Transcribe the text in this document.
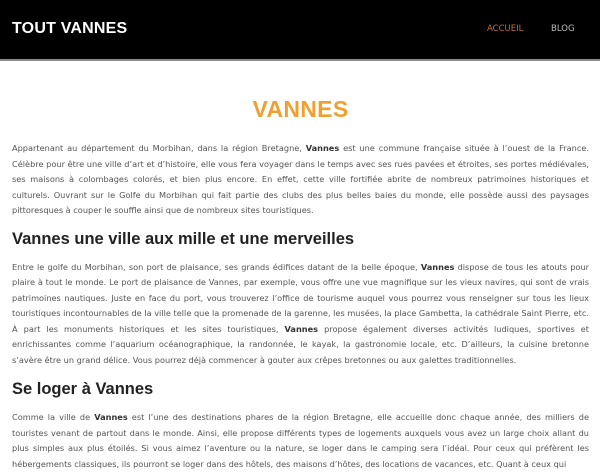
TOUT VANNES	ACCUEIL	BLOG
VANNES

Appartenant au département du Morbihan, dans la région Bretagne, Vannes est une commune française située à l’ouest de la France. Célèbre pour être une ville d’art et d’histoire, elle vous fera voyager dans le temps avec ses rues pavées et étroites, ses portes médiévales, ses maisons à colombages colorés, et bien plus encore. En effet, cette ville fortifiée abrite de nombreux patrimoines historiques et culturels. Ouvrant sur le Golfe du Morbihan qui fait partie des clubs des plus belles baies du monde, elle possède aussi des paysages pittoresques à couper le souffle ainsi que de nombreux sites touristiques.

Vannes une ville aux mille et une merveilles

Entre le golfe du Morbihan, son port de plaisance, ses grands édifices datant de la belle époque, Vannes dispose de tous les atouts pour plaire à tout le monde. Le port de plaisance de Vannes, par exemple, vous offre une vue magnifique sur les vieux navires, qui sont de vrais patrimoines nautiques. Juste en face du port, vous trouverez l’office de tourisme auquel vous pourrez vous renseigner sur tous les lieux touristiques incontournables de la ville telle que la promenade de la garenne, les musées, la place Gambetta, la cathédrale Saint Pierre, etc. À part les monuments historiques et les sites touristiques, Vannes propose également diverses activités ludiques, sportives et enrichissantes comme l’aquarium océanographique, la randonnée, le kayak, la gastronomie locale, etc. D’ailleurs, la cuisine bretonne s’avère être un grand délice. Vous pourrez déjà commencer à gouter aux crêpes bretonnes ou aux galettes traditionnelles.

Se loger à Vannes

Comme la ville de Vannes est l’une des destinations phares de la région Bretagne, elle accueille donc chaque année, des milliers de touristes venant de partout dans le monde. Ainsi, elle propose différents types de logements auxquels vous avez un large choix allant du plus simples aux plus étoilés. Si vous aimez l’aventure ou la nature, se loger dans le camping sera l’idéal. Pour ceux qui préfèrent les hébergements classiques, ils pourront se loger dans des hôtels, des maisons d’hôtes, des locations de vacances, etc. Quant à ceux qui
